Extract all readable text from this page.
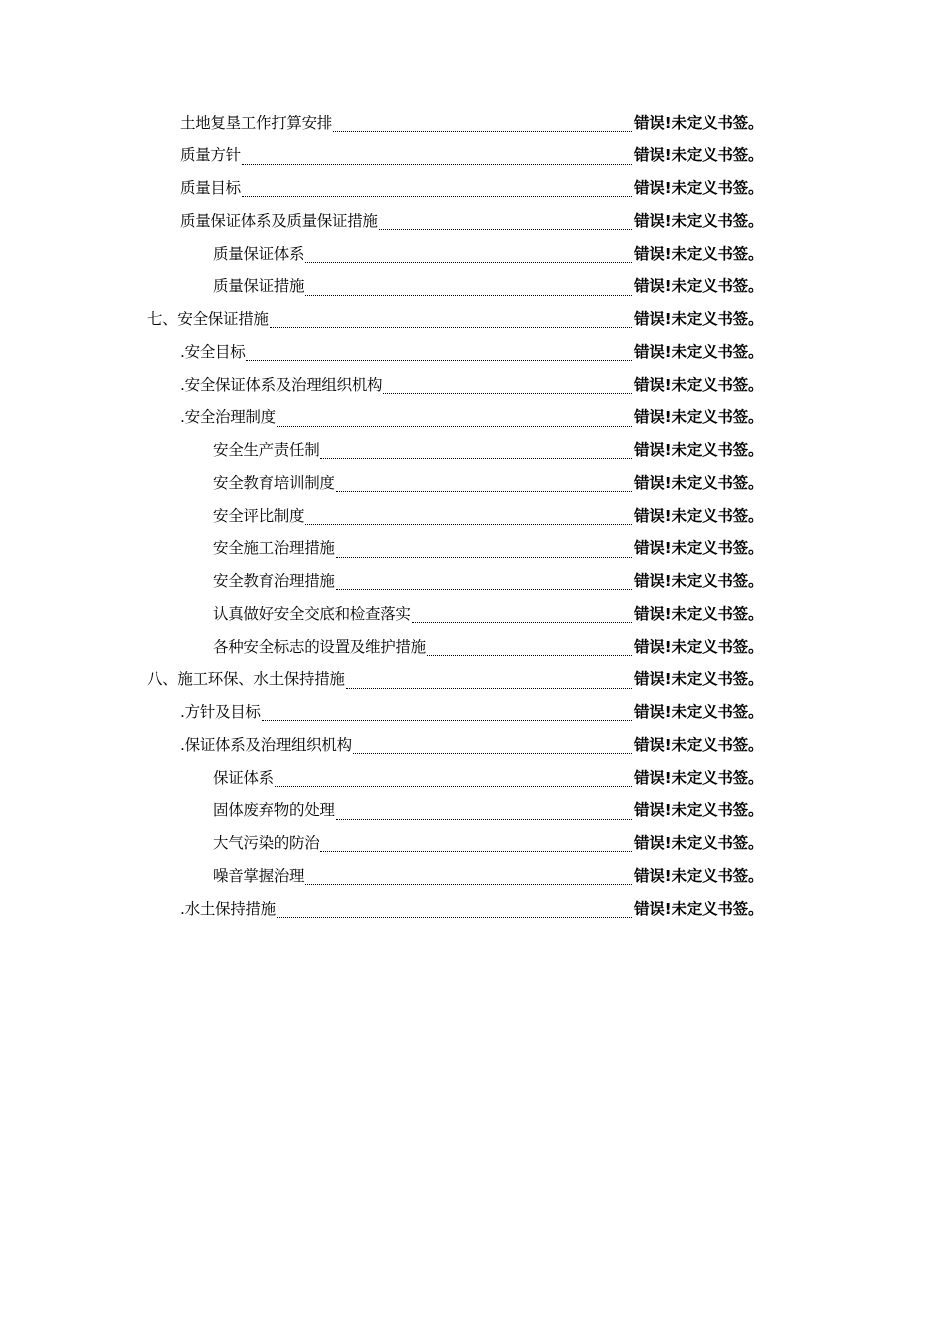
土地复垦工作打算安排	错误!未定义书签。
质量方针	错误!未定义书签。
质量目标	错误!未定义书签。
质量保证体系及质量保证措施	错误!未定义书签。
质量保证体系	错误!未定义书签。
质量保证措施	错误!未定义书签。
七、安全保证措施	错误!未定义书签。
.安全目标	错误!未定义书签。
.安全保证体系及治理组织机构	错误!未定义书签。
.安全治理制度	错误!未定义书签。
安全生产责任制	错误!未定义书签。
安全教育培训制度	错误!未定义书签。
安全评比制度	错误!未定义书签。
安全施工治理措施	错误!未定义书签。
安全教育治理措施	错误!未定义书签。
认真做好安全交底和检查落实	错误!未定义书签。
各种安全标志的设置及维护措施	错误!未定义书签。
八、施工环保、水土保持措施	错误!未定义书签。
.方针及目标	错误!未定义书签。
.保证体系及治理组织机构	错误!未定义书签。
保证体系	错误!未定义书签。
固体废弃物的处理	错误!未定义书签。
大气污染的防治	错误!未定义书签。
噪音掌握治理	错误!未定义书签。
.水土保持措施	错误!未定义书签。
